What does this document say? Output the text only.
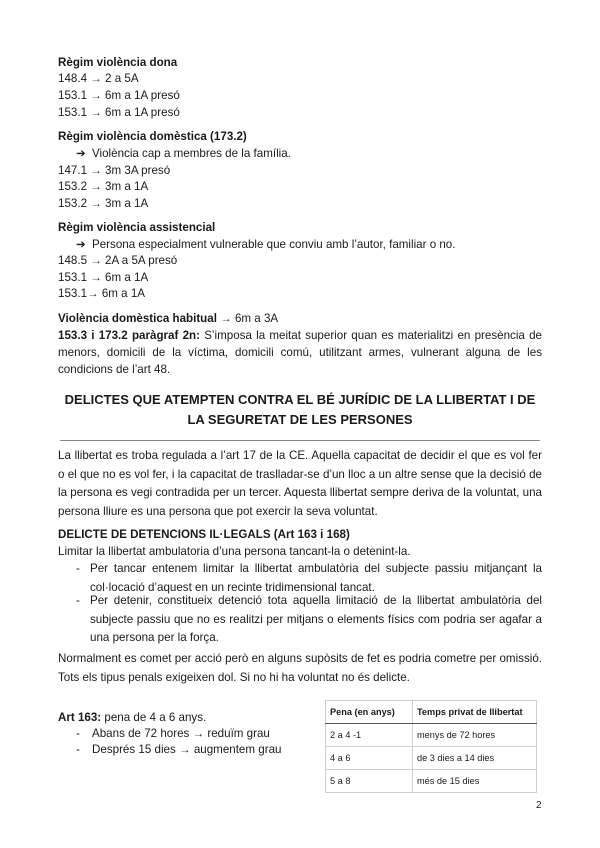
Règim violència dona
148.4 → 2 a 5A
153.1 → 6m a 1A presó
153.1 → 6m a 1A presó
Règim violència domèstica (173.2)
➔ Violència cap a membres de la família.
147.1 → 3m 3A presó
153.2 → 3m a 1A
153.2 → 3m a 1A
Règim violència assistencial
➔ Persona especialment vulnerable que conviu amb l’autor, familiar o no.
148.5 → 2A a 5A presó
153.1 → 6m a 1A
153.1→ 6m a 1A
Violència domèstica habitual → 6m a 3A
153.3 i 173.2 paràgraf 2n: S’imposa la meitat superior quan es materialitzi en presència de menors, domicili de la víctima, domicili comú, utilitzant armes, vulnerant alguna de les condicions de l’art 48.
DELICTES QUE ATEMPTEN CONTRA EL BÉ JURÍDIC DE LA LLIBERTAT I DE
LA SEGURETAT DE LES PERSONES
La llibertat es troba regulada a l’art 17 de la CE. Aquella capacitat de decidir el que es vol fer o el que no es vol fer, i la capacitat de traslladar-se d’un lloc a un altre sense que la decisió de la persona es vegi contradida per un tercer. Aquesta llibertat sempre deriva de la voluntat, una persona lliure es una persona que pot exercir la seva voluntat.
DELICTE DE DETENCIONS IL·LEGALS (Art 163 i 168)
Limitar la llibertat ambulatoria d’una persona tancant-la o detenint-la.
- Per tancar entenem limitar la llibertat ambulatòria del subjecte passiu mitjançant la col·locació d’aquest en un recinte tridimensional tancat.
- Per detenir, constitueix detenció tota aquella limitació de la llibertat ambulatòria del subjecte passiu que no es realitzi per mitjans o elements físics com podria ser agafar a una persona per la força.
Normalment es comet per acció però en alguns supòsits de fet es podria cometre per omissió. Tots els tipus penals exigeixen dol. Si no hi ha voluntat no és delicte.
Art 163: pena de 4 a 6 anys.
- Abans de 72 hores → reduïm grau
- Després 15 dies → augmentem grau
Pena (en anys)	Temps privat de llibertat
2 a 4 -1	menys de 72 hores
4 a 6	de 3 dies a 14 dies
5 a 8	més de 15 dies
2
